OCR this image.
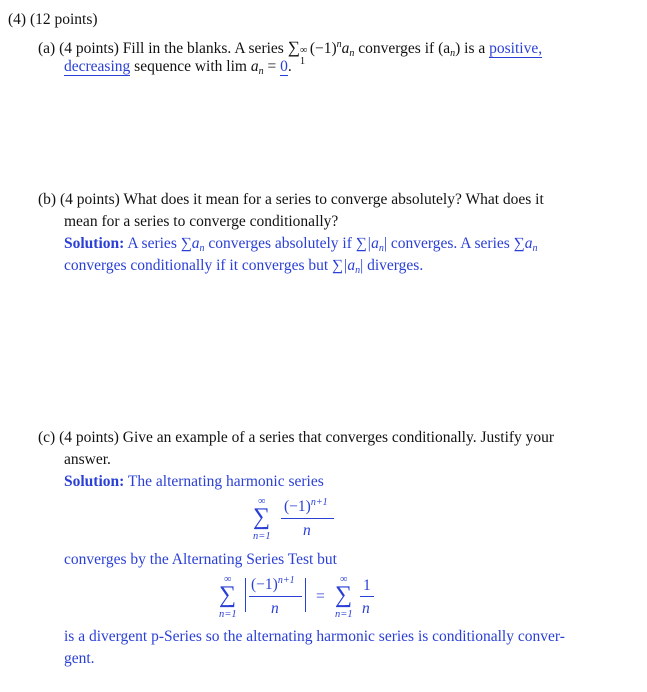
(4) (12 points)
(a) (4 points) Fill in the blanks. A series ∑ ∞
1
$(-1)^na_n$ converges if $(a_n)$ is a positive,
decreasing sequence with $\lim a_n = 0$.
(b) (4 points) What does it mean for a series to converge absolutely? What does it
mean for a series to converge conditionally?
Solution: A series $\sum a_n$ converges absolutely if $\sum|a_n|$ converges. A series $\sum a_n$
converges conditionally if it converges but $\sum|a_n|$ diverges.
(c) (4 points) Give an example of a series that converges conditionally. Justify your
answer.
Solution: The alternating harmonic series
∞
∑
n=1
$(-1)^{n+1}$
n
converges by the Alternating Series Test but
∞
∑
n=1
$(-1)^{n+1}$
n
=
∞
∑
n=1
1
n
is a divergent p-Series so the alternating harmonic series is conditionally conver-
gent.
